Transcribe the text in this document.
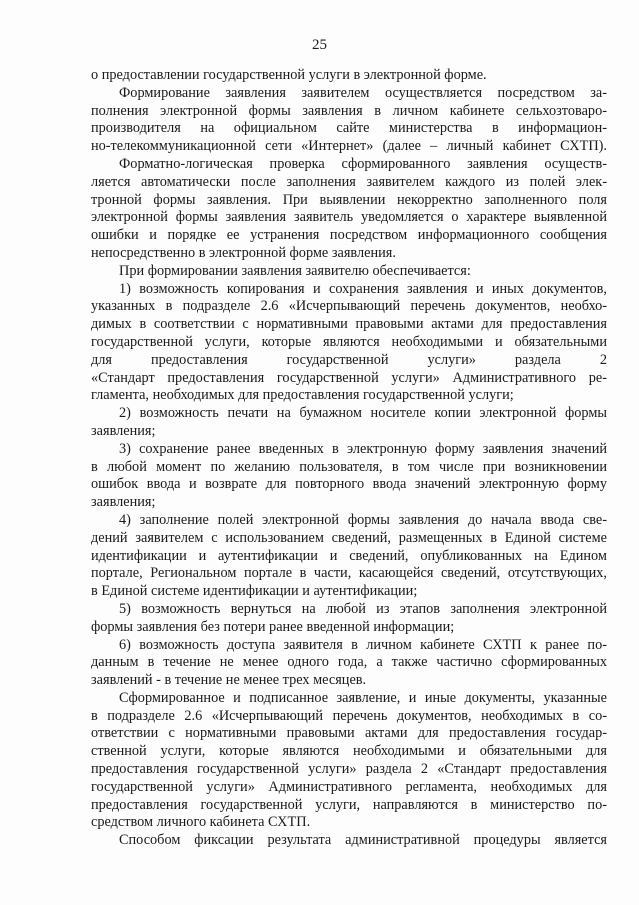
25
о предоставлении государственной услуги в электронной форме.
Формирование заявления заявителем осуществляется посредством за-
полнения электронной формы заявления в личном кабинете сельхозтоваро-
производителя на официальном сайте министерства в информацион-
но-телекоммуникационной сети «Интернет» (далее – личный кабинет СХТП).
Форматно-логическая проверка сформированного заявления осуществ-
ляется автоматически после заполнения заявителем каждого из полей элек-
тронной формы заявления. При выявлении некорректно заполненного поля
электронной формы заявления заявитель уведомляется о характере выявленной
ошибки и порядке ее устранения посредством информационного сообщения
непосредственно в электронной форме заявления.
При формировании заявления заявителю обеспечивается:
1) возможность копирования и сохранения заявления и иных документов,
указанных в подразделе 2.6 «Исчерпывающий перечень документов, необхо-
димых в соответствии с нормативными правовыми актами для предоставления
государственной услуги, которые являются необходимыми и обязательными
для предоставления государственной услуги» раздела 2
«Стандарт предоставления государственной услуги» Административного ре-
гламента, необходимых для предоставления государственной услуги;
2) возможность печати на бумажном носителе копии электронной формы
заявления;
3) сохранение ранее введенных в электронную форму заявления значений
в любой момент по желанию пользователя, в том числе при возникновении
ошибок ввода и возврате для повторного ввода значений электронную форму
заявления;
4) заполнение полей электронной формы заявления до начала ввода све-
дений заявителем с использованием сведений, размещенных в Единой системе
идентификации и аутентификации и сведений, опубликованных на Едином
портале, Региональном портале в части, касающейся сведений, отсутствующих,
в Единой системе идентификации и аутентификации;
5) возможность вернуться на любой из этапов заполнения электронной
формы заявления без потери ранее введенной информации;
6) возможность доступа заявителя в личном кабинете СХТП к ранее по-
данным в течение не менее одного года, а также частично сформированных
заявлений - в течение не менее трех месяцев.
Сформированное и подписанное заявление, и иные документы, указанные
в подразделе 2.6 «Исчерпывающий перечень документов, необходимых в со-
ответствии с нормативными правовыми актами для предоставления государ-
ственной услуги, которые являются необходимыми и обязательными для
предоставления государственной услуги» раздела 2 «Стандарт предоставления
государственной услуги» Административного регламента, необходимых для
предоставления государственной услуги, направляются в министерство по-
средством личного кабинета СХТП.
Способом фиксации результата административной процедуры является
